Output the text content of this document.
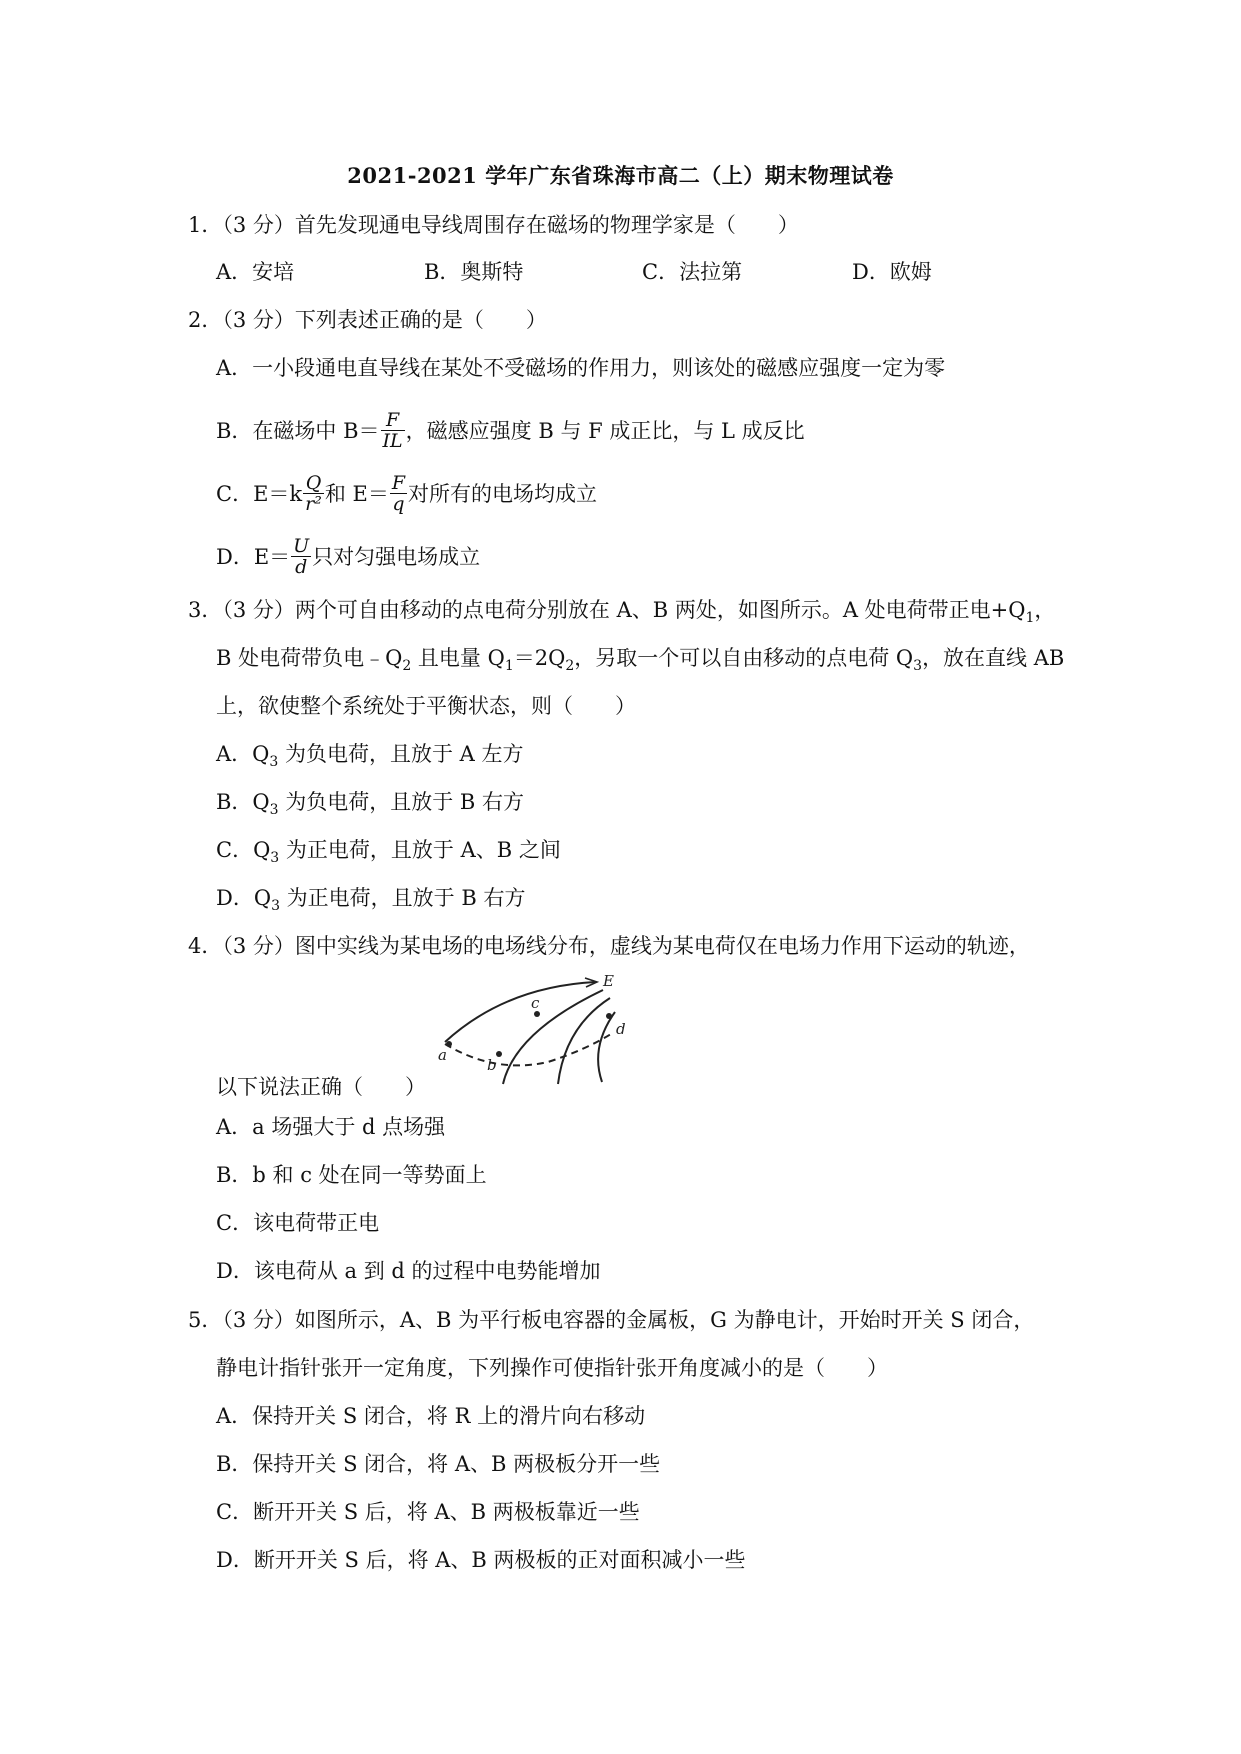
2021-2021 学年广东省珠海市高二（上）期末物理试卷
1．（3 分）首先发现通电导线周围存在磁场的物理学家是（　　）
A．安培	B．奥斯特	C．法拉第	D．欧姆
2．（3 分）下列表述正确的是（　　）
A．一小段通电直导线在某处不受磁场的作用力，则该处的磁感应强度一定为零
B．在磁场中 $B= \frac{F}{IL}$ ，磁感应强度 B 与 F 成正比，与 L 成反比
C．$E=k \frac{Q}{\text{r²}}$ 和 $E= \frac{F}{q}$ 对所有的电场均成立
D．$E= \frac{U}{d}$ 只对匀强电场成立
3．（3 分）两个可自由移动的点电荷分别放在 A、B 两处，如图所示。A 处电荷带正电$+Q_1$，
B 处电荷带负电$﹣Q_2$ 且电量 $Q_1=2Q_2$，另取一个可以自由移动的点电荷 $Q_3$，放在直线 AB
上，欲使整个系统处于平衡状态，则（　　）
A．$Q_3$ 为负电荷，且放于 A 左方
B．$Q_3$ 为负电荷，且放于 B 右方
C．$Q_3$ 为正电荷，且放于 A、B 之间
D．$Q_3$ 为正电荷，且放于 B 右方
4．（3 分）图中实线为某电场的电场线分布，虚线为某电荷仅在电场力作用下运动的轨迹，
a
b
c
E
d
以下说法正确（　　）
A．a 场强大于 d 点场强
B．b 和 c 处在同一等势面上
C．该电荷带正电
D．该电荷从 a 到 d 的过程中电势能增加
5．（3 分）如图所示，A、B 为平行板电容器的金属板，G 为静电计，开始时开关 S 闭合，
静电计指针张开一定角度，下列操作可使指针张开角度减小的是（　　）
A．保持开关 S 闭合，将 R 上的滑片向右移动
B．保持开关 S 闭合，将 A、B 两极板分开一些
C．断开开关 S 后，将 A、B 两极板靠近一些
D．断开开关 S 后，将 A、B 两极板的正对面积减小一些
